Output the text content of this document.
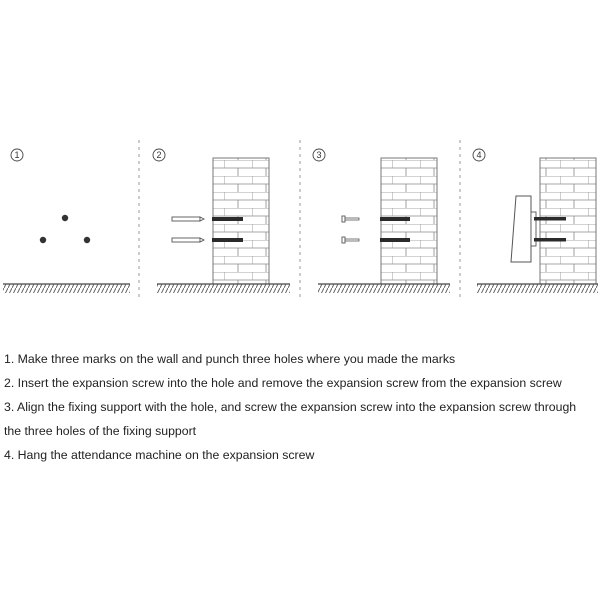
1	2	3	4
1. Make three marks on the wall and punch three holes where you made the marks
2. Insert the expansion screw into the hole and remove the expansion screw from the expansion screw
3. Align the fixing support with the hole, and screw the expansion screw into the expansion screw through
the three holes of the fixing support
4. Hang the attendance machine on the expansion screw
